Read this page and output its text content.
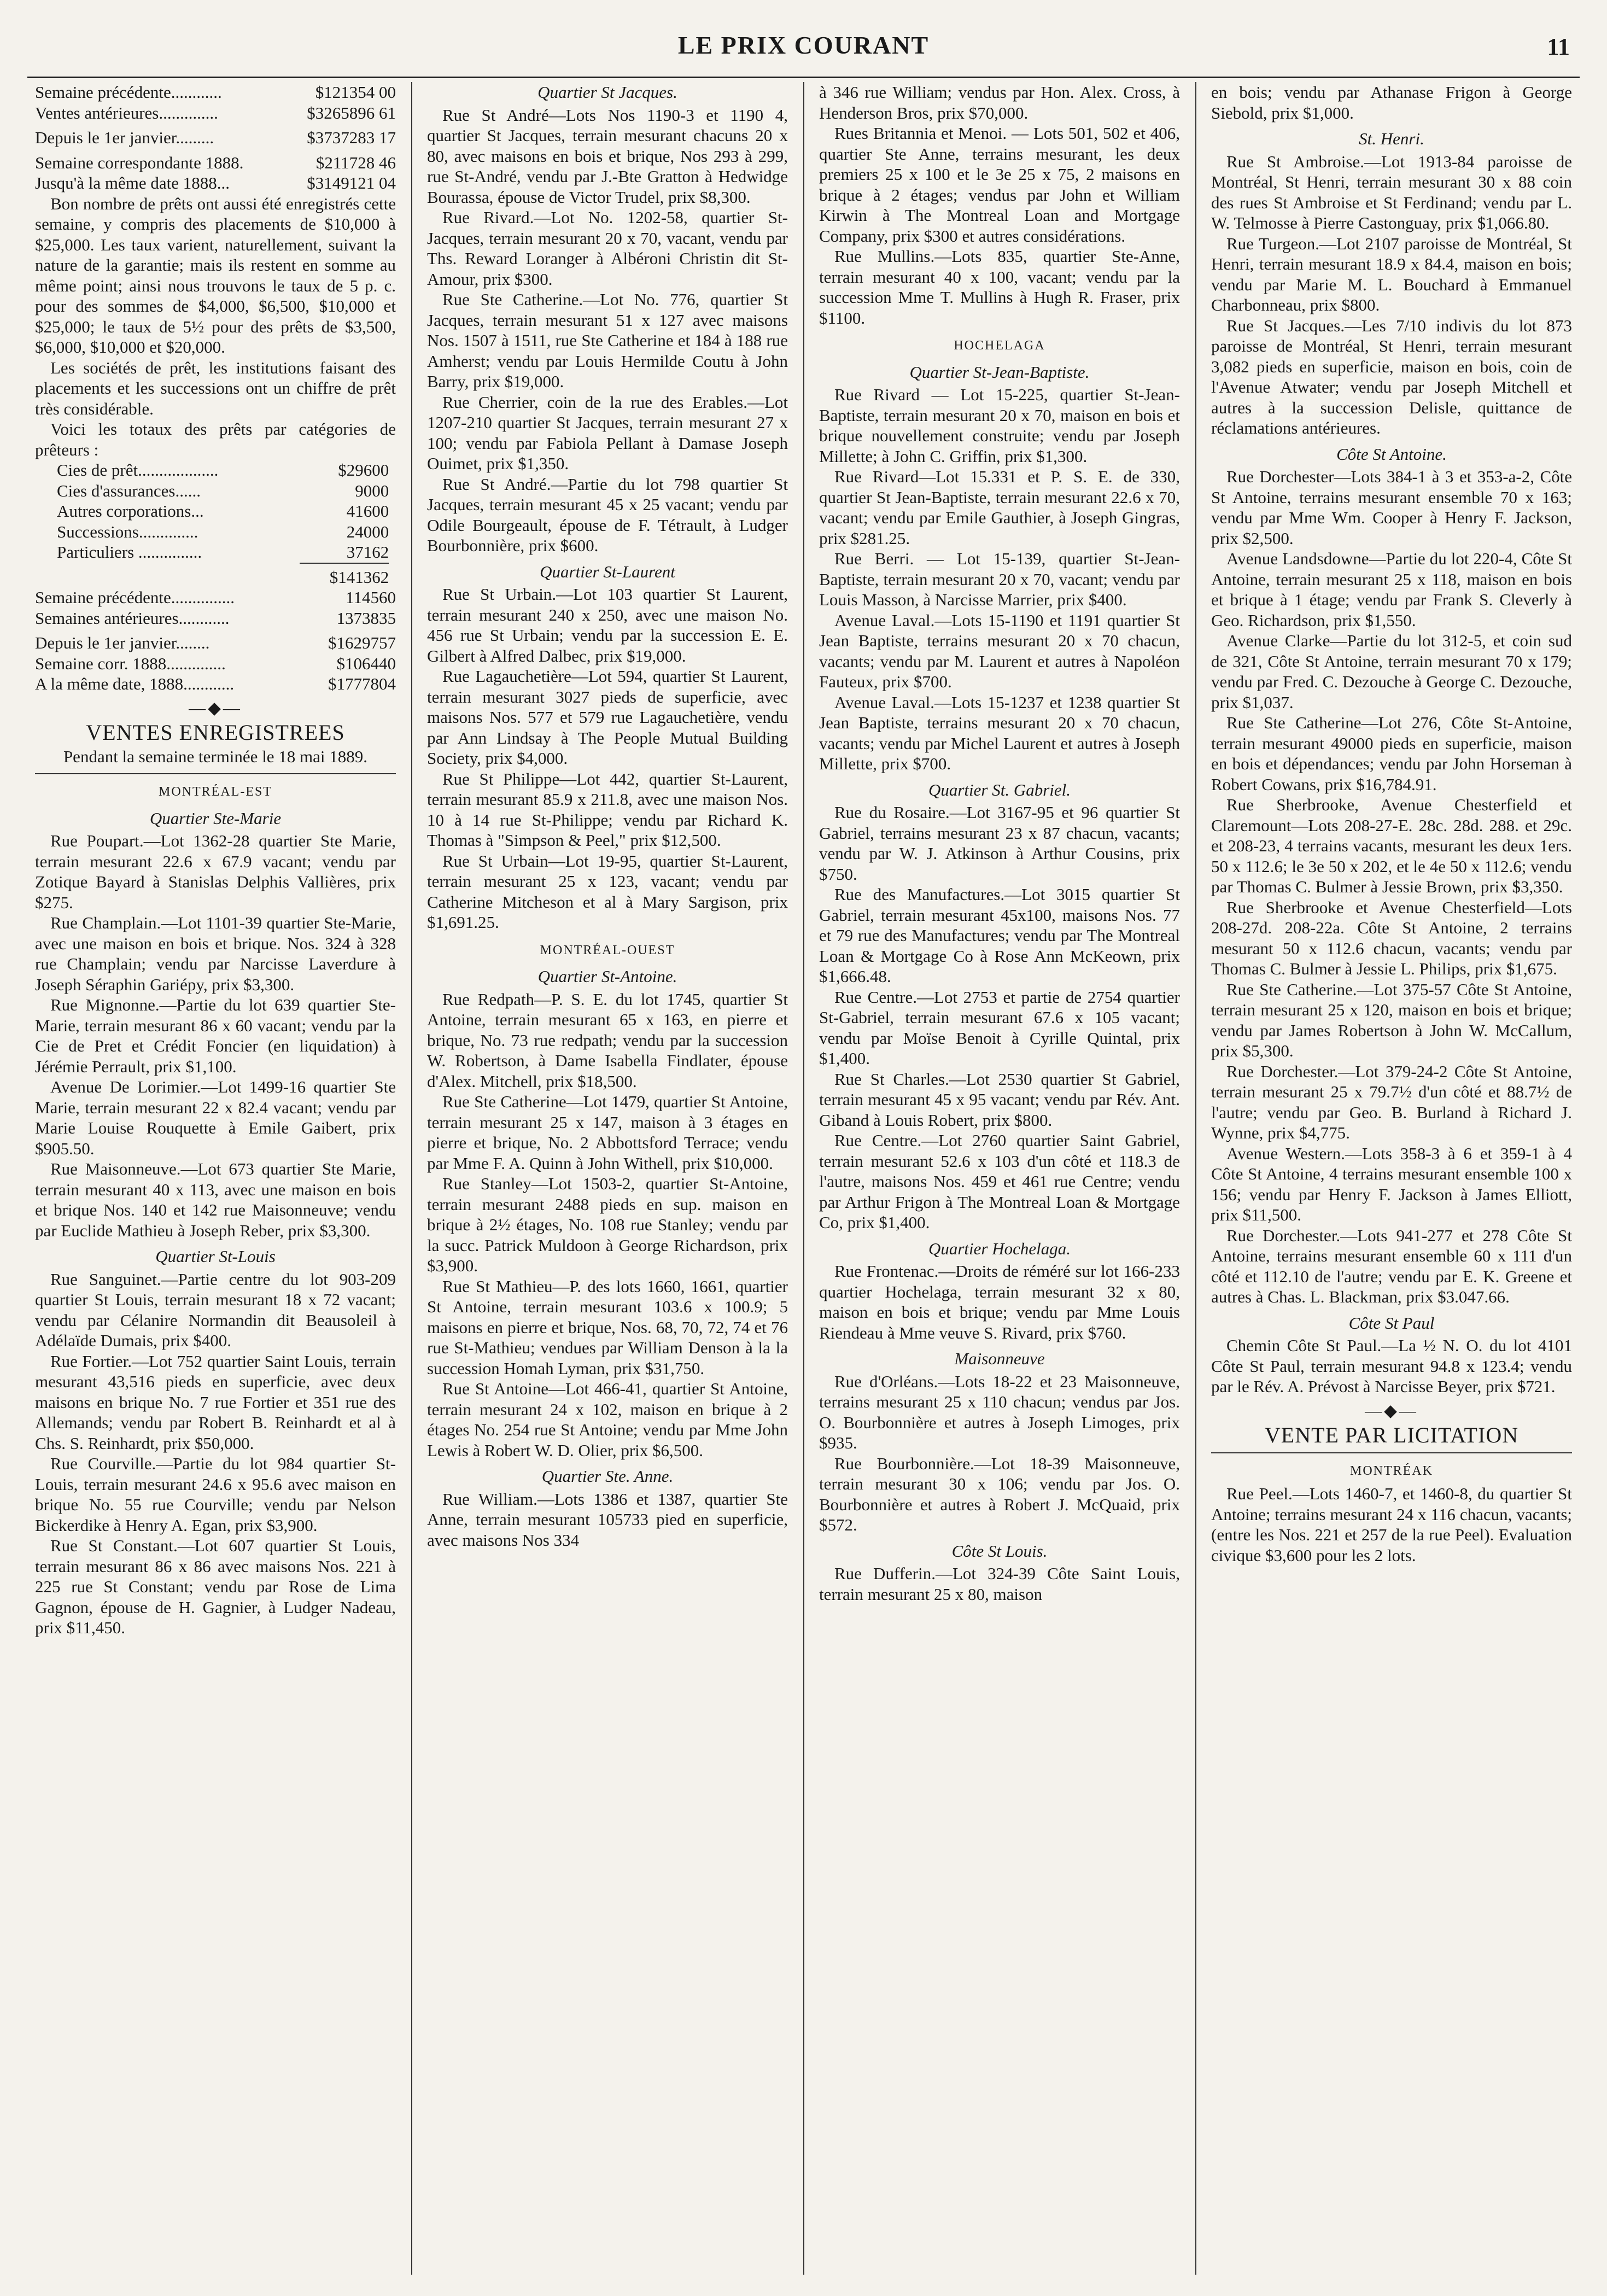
LE PRIX COURANT	11
Semaine précédente............	$121354 00
Ventes antérieures..............	$3265896 61
Depuis le 1er janvier.........	$3737283 17
Semaine correspondante 1888.	$211728 46
Jusqu'à la même date 1888...	$3149121 04

Bon nombre de prêts ont aussi été enregistrés cette semaine, y compris des placements de $10,000 à $25,000. Les taux varient, naturellement, suivant la nature de la garantie; mais ils restent en somme au même point; ainsi nous trouvons le taux de 5 p. c. pour des sommes de $4,000, $6,500, $10,000 et $25,000; le taux de 5½ pour des prêts de $3,500, $6,000, $10,000 et $20,000.

Les sociétés de prêt, les institutions faisant des placements et les successions ont un chiffre de prêt très considérable.

Voici les totaux des prêts par catégories de prêteurs :

Cies de prêt...................	$29600
Cies d'assurances......	9000
Autres corporations...	41600
Successions..............	24000
Particuliers ...............	37162
	$141362
Semaine précédente...............	114560
Semaines antérieures............	1373835
Depuis le 1er janvier........	$1629757
Semaine corr. 1888..............	$106440
A la même date, 1888............	$1777804
—◆—
VENTES ENREGISTREES
Pendant la semaine terminée le 18 mai 1889.
MONTRÉAL-EST
Quartier Ste-Marie

Rue Poupart.—Lot 1362-28 quartier Ste Marie, terrain mesurant 22.6 x 67.9 vacant; vendu par Zotique Bayard à Stanislas Delphis Vallières, prix $275.

Rue Champlain.—Lot 1101-39 quartier Ste-Marie, avec une maison en bois et brique. Nos. 324 à 328 rue Champlain; vendu par Narcisse Laverdure à Joseph Séraphin Gariépy, prix $3,300.

Rue Mignonne.—Partie du lot 639 quartier Ste-Marie, terrain mesurant 86 x 60 vacant; vendu par la Cie de Pret et Crédit Foncier (en liquidation) à Jérémie Perrault, prix $1,100.

Avenue De Lorimier.—Lot 1499-16 quartier Ste Marie, terrain mesurant 22 x 82.4 vacant; vendu par Marie Louise Rouquette à Emile Gaibert, prix $905.50.

Rue Maisonneuve.—Lot 673 quartier Ste Marie, terrain mesurant 40 x 113, avec une maison en bois et brique Nos. 140 et 142 rue Maisonneuve; vendu par Euclide Mathieu à Joseph Reber, prix $3,300.

Quartier St-Louis

Rue Sanguinet.—Partie centre du lot 903-209 quartier St Louis, terrain mesurant 18 x 72 vacant; vendu par Célanire Normandin dit Beausoleil à Adélaïde Dumais, prix $400.

Rue Fortier.—Lot 752 quartier Saint Louis, terrain mesurant 43,516 pieds en superficie, avec deux maisons en brique No. 7 rue Fortier et 351 rue des Allemands; vendu par Robert B. Reinhardt et al à Chs. S. Reinhardt, prix $50,000.

Rue Courville.—Partie du lot 984 quartier St-Louis, terrain mesurant 24.6 x 95.6 avec maison en brique No. 55 rue Courville; vendu par Nelson Bickerdike à Henry A. Egan, prix $3,900.

Rue St Constant.—Lot 607 quartier St Louis, terrain mesurant 86 x 86 avec maisons Nos. 221 à 225 rue St Constant; vendu par Rose de Lima Gagnon, épouse de H. Gagnier, à Ludger Nadeau, prix $11,450.

Quartier St Jacques.

Rue St André—Lots Nos 1190-3 et 1190 4, quartier St Jacques, terrain mesurant chacuns 20 x 80, avec maisons en bois et brique, Nos 293 à 299, rue St-André, vendu par J.-Bte Gratton à Hedwidge Bourassa, épouse de Victor Trudel, prix $8,300.

Rue Rivard.—Lot No. 1202-58, quartier St-Jacques, terrain mesurant 20 x 70, vacant, vendu par Ths. Reward Loranger à Albéroni Christin dit St-Amour, prix $300.

Rue Ste Catherine.—Lot No. 776, quartier St Jacques, terrain mesurant 51 x 127 avec maisons Nos. 1507 à 1511, rue Ste Catherine et 184 à 188 rue Amherst; vendu par Louis Hermilde Coutu à John Barry, prix $19,000.

Rue Cherrier, coin de la rue des Erables.—Lot 1207-210 quartier St Jacques, terrain mesurant 27 x 100; vendu par Fabiola Pellant à Damase Joseph Ouimet, prix $1,350.

Rue St André.—Partie du lot 798 quartier St Jacques, terrain mesurant 45 x 25 vacant; vendu par Odile Bourgeault, épouse de F. Tétrault, à Ludger Bourbonnière, prix $600.

Quartier St-Laurent

Rue St Urbain.—Lot 103 quartier St Laurent, terrain mesurant 240 x 250, avec une maison No. 456 rue St Urbain; vendu par la succession E. E. Gilbert à Alfred Dalbec, prix $19,000.

Rue Lagauchetière—Lot 594, quartier St Laurent, terrain mesurant 3027 pieds de superficie, avec maisons Nos. 577 et 579 rue Lagauchetière, vendu par Ann Lindsay à The People Mutual Building Society, prix $4,000.

Rue St Philippe—Lot 442, quartier St-Laurent, terrain mesurant 85.9 x 211.8, avec une maison Nos. 10 à 14 rue St-Philippe; vendu par Richard K. Thomas à "Simpson & Peel," prix $12,500.

Rue St Urbain—Lot 19-95, quartier St-Laurent, terrain mesurant 25 x 123, vacant; vendu par Catherine Mitcheson et al à Mary Sargison, prix $1,691.25.

MONTRÉAL-OUEST
Quartier St-Antoine.

Rue Redpath—P. S. E. du lot 1745, quartier St Antoine, terrain mesurant 65 x 163, en pierre et brique, No. 73 rue redpath; vendu par la succession W. Robertson, à Dame Isabella Findlater, épouse d'Alex. Mitchell, prix $18,500.

Rue Ste Catherine—Lot 1479, quartier St Antoine, terrain mesurant 25 x 147, maison à 3 étages en pierre et brique, No. 2 Abbottsford Terrace; vendu par Mme F. A. Quinn à John Withell, prix $10,000.

Rue Stanley—Lot 1503-2, quartier St-Antoine, terrain mesurant 2488 pieds en sup. maison en brique à 2½ étages, No. 108 rue Stanley; vendu par la succ. Patrick Muldoon à George Richardson, prix $3,900.

Rue St Mathieu—P. des lots 1660, 1661, quartier St Antoine, terrain mesurant 103.6 x 100.9; 5 maisons en pierre et brique, Nos. 68, 70, 72, 74 et 76 rue St-Mathieu; vendues par William Denson à la la succession Homah Lyman, prix $31,750.

Rue St Antoine—Lot 466-41, quartier St Antoine, terrain mesurant 24 x 102, maison en brique à 2 étages No. 254 rue St Antoine; vendu par Mme John Lewis à Robert W. D. Olier, prix $6,500.

Quartier Ste. Anne.

Rue William.—Lots 1386 et 1387, quartier Ste Anne, terrain mesurant 105733 pied en superficie, avec maisons Nos 334

à 346 rue William; vendus par Hon. Alex. Cross, à Henderson Bros, prix $70,000.

Rues Britannia et Menoi. — Lots 501, 502 et 406, quartier Ste Anne, terrains mesurant, les deux premiers 25 x 100 et le 3e 25 x 75, 2 maisons en brique à 2 étages; vendus par John et William Kirwin à The Montreal Loan and Mortgage Company, prix $300 et autres considérations.

Rue Mullins.—Lots 835, quartier Ste-Anne, terrain mesurant 40 x 100, vacant; vendu par la succession Mme T. Mullins à Hugh R. Fraser, prix $1100.

HOCHELAGA
Quartier St-Jean-Baptiste.

Rue Rivard — Lot 15-225, quartier St-Jean-Baptiste, terrain mesurant 20 x 70, maison en bois et brique nouvellement construite; vendu par Joseph Millette; à John C. Griffin, prix $1,300.

Rue Rivard—Lot 15.331 et P. S. E. de 330, quartier St Jean-Baptiste, terrain mesurant 22.6 x 70, vacant; vendu par Emile Gauthier, à Joseph Gingras, prix $281.25.

Rue Berri. — Lot 15-139, quartier St-Jean-Baptiste, terrain mesurant 20 x 70, vacant; vendu par Louis Masson, à Narcisse Marrier, prix $400.

Avenue Laval.—Lots 15-1190 et 1191 quartier St Jean Baptiste, terrains mesurant 20 x 70 chacun, vacants; vendu par M. Laurent et autres à Napoléon Fauteux, prix $700.

Avenue Laval.—Lots 15-1237 et 1238 quartier St Jean Baptiste, terrains mesurant 20 x 70 chacun, vacants; vendu par Michel Laurent et autres à Joseph Millette, prix $700.

Quartier St. Gabriel.

Rue du Rosaire.—Lot 3167-95 et 96 quartier St Gabriel, terrains mesurant 23 x 87 chacun, vacants; vendu par W. J. Atkinson à Arthur Cousins, prix $750.

Rue des Manufactures.—Lot 3015 quartier St Gabriel, terrain mesurant 45x100, maisons Nos. 77 et 79 rue des Manufactures; vendu par The Montreal Loan & Mortgage Co à Rose Ann McKeown, prix $1,666.48.

Rue Centre.—Lot 2753 et partie de 2754 quartier St-Gabriel, terrain mesurant 67.6 x 105 vacant; vendu par Moïse Benoit à Cyrille Quintal, prix $1,400.

Rue St Charles.—Lot 2530 quartier St Gabriel, terrain mesurant 45 x 95 vacant; vendu par Rév. Ant. Giband à Louis Robert, prix $800.

Rue Centre.—Lot 2760 quartier Saint Gabriel, terrain mesurant 52.6 x 103 d'un côté et 118.3 de l'autre, maisons Nos. 459 et 461 rue Centre; vendu par Arthur Frigon à The Montreal Loan & Mortgage Co, prix $1,400.

Quartier Hochelaga.

Rue Frontenac.—Droits de réméré sur lot 166-233 quartier Hochelaga, terrain mesurant 32 x 80, maison en bois et brique; vendu par Mme Louis Riendeau à Mme veuve S. Rivard, prix $760.

Maisonneuve

Rue d'Orléans.—Lots 18-22 et 23 Maisonneuve, terrains mesurant 25 x 110 chacun; vendus par Jos. O. Bourbonnière et autres à Joseph Limoges, prix $935.

Rue Bourbonnière.—Lot 18-39 Maisonneuve, terrain mesurant 30 x 106; vendu par Jos. O. Bourbonnière et autres à Robert J. McQuaid, prix $572.

Côte St Louis.

Rue Dufferin.—Lot 324-39 Côte Saint Louis, terrain mesurant 25 x 80, maison

en bois; vendu par Athanase Frigon à George Siebold, prix $1,000.

St. Henri.

Rue St Ambroise.—Lot 1913-84 paroisse de Montréal, St Henri, terrain mesurant 30 x 88 coin des rues St Ambroise et St Ferdinand; vendu par L. W. Telmosse à Pierre Castonguay, prix $1,066.80.

Rue Turgeon.—Lot 2107 paroisse de Montréal, St Henri, terrain mesurant 18.9 x 84.4, maison en bois; vendu par Marie M. L. Bouchard à Emmanuel Charbonneau, prix $800.

Rue St Jacques.—Les 7/10 indivis du lot 873 paroisse de Montréal, St Henri, terrain mesurant 3,082 pieds en superficie, maison en bois, coin de l'Avenue Atwater; vendu par Joseph Mitchell et autres à la succession Delisle, quittance de réclamations antérieures.

Côte St Antoine.

Rue Dorchester—Lots 384-1 à 3 et 353-a-2, Côte St Antoine, terrains mesurant ensemble 70 x 163; vendu par Mme Wm. Cooper à Henry F. Jackson, prix $2,500.

Avenue Landsdowne—Partie du lot 220-4, Côte St Antoine, terrain mesurant 25 x 118, maison en bois et brique à 1 étage; vendu par Frank S. Cleverly à Geo. Richardson, prix $1,550.

Avenue Clarke—Partie du lot 312-5, et coin sud de 321, Côte St Antoine, terrain mesurant 70 x 179; vendu par Fred. C. Dezouche à George C. Dezouche, prix $1,037.

Rue Ste Catherine—Lot 276, Côte St-Antoine, terrain mesurant 49000 pieds en superficie, maison en bois et dépendances; vendu par John Horseman à Robert Cowans, prix $16,784.91.

Rue Sherbrooke, Avenue Chesterfield et Claremount—Lots 208-27-E. 28c. 28d. 288. et 29c. et 208-23, 4 terrains vacants, mesurant les deux 1ers. 50 x 112.6; le 3e 50 x 202, et le 4e 50 x 112.6; vendu par Thomas C. Bulmer à Jessie Brown, prix $3,350.

Rue Sherbrooke et Avenue Chesterfield—Lots 208-27d. 208-22a. Côte St Antoine, 2 terrains mesurant 50 x 112.6 chacun, vacants; vendu par Thomas C. Bulmer à Jessie L. Philips, prix $1,675.

Rue Ste Catherine.—Lot 375-57 Côte St Antoine, terrain mesurant 25 x 120, maison en bois et brique; vendu par James Robertson à John W. McCallum, prix $5,300.

Rue Dorchester.—Lot 379-24-2 Côte St Antoine, terrain mesurant 25 x 79.7½ d'un côté et 88.7½ de l'autre; vendu par Geo. B. Burland à Richard J. Wynne, prix $4,775.

Avenue Western.—Lots 358-3 à 6 et 359-1 à 4 Côte St Antoine, 4 terrains mesurant ensemble 100 x 156; vendu par Henry F. Jackson à James Elliott, prix $11,500.

Rue Dorchester.—Lots 941-277 et 278 Côte St Antoine, terrains mesurant ensemble 60 x 111 d'un côté et 112.10 de l'autre; vendu par E. K. Greene et autres à Chas. L. Blackman, prix $3.047.66.

Côte St Paul

Chemin Côte St Paul.—La ½ N. O. du lot 4101 Côte St Paul, terrain mesurant 94.8 x 123.4; vendu par le Rév. A. Prévost à Narcisse Beyer, prix $721.

—◆—
VENTE PAR LICITATION
MONTRÉAK

Rue Peel.—Lots 1460-7, et 1460-8, du quartier St Antoine; terrains mesurant 24 x 116 chacun, vacants; (entre les Nos. 221 et 257 de la rue Peel). Evaluation civique $3,600 pour les 2 lots.
